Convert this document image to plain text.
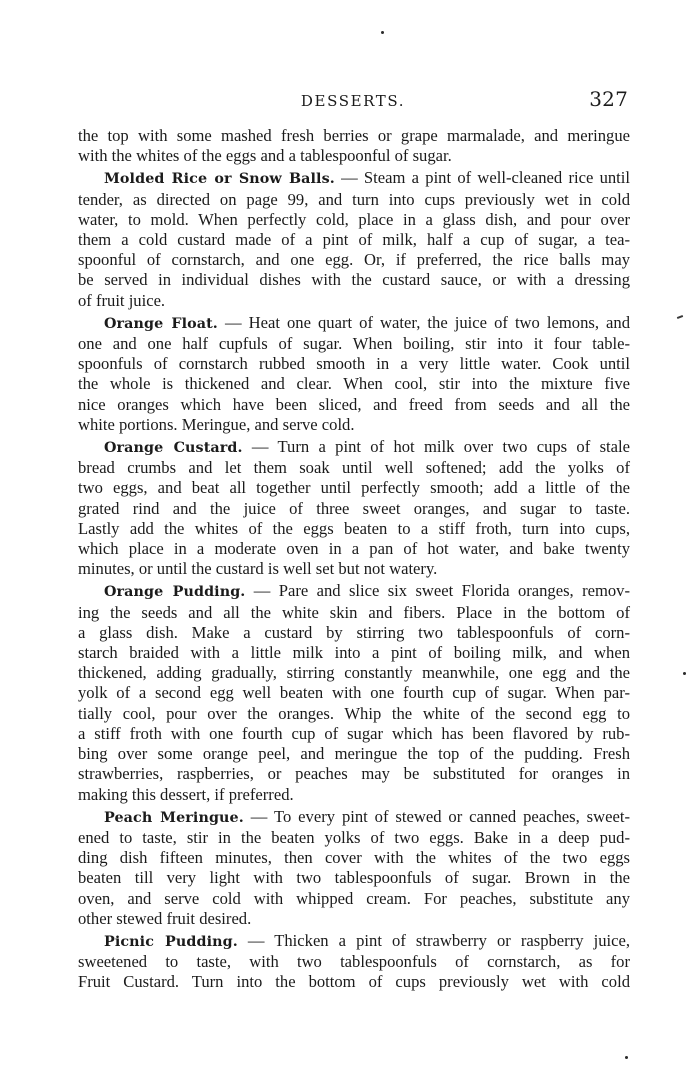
DESSERTS.	327
the top with some mashed fresh berries or grape marmalade, and meringue
with the whites of the eggs and a tablespoonful of sugar.
Molded Rice or Snow Balls. — Steam a pint of well-cleaned rice until
tender, as directed on page 99, and turn into cups previously wet in cold
water, to mold. When perfectly cold, place in a glass dish, and pour over
them a cold custard made of a pint of milk, half a cup of sugar, a tea-
spoonful of cornstarch, and one egg. Or, if preferred, the rice balls may
be served in individual dishes with the custard sauce, or with a dressing
of fruit juice.
Orange Float. — Heat one quart of water, the juice of two lemons, and
one and one half cupfuls of sugar. When boiling, stir into it four table-
spoonfuls of cornstarch rubbed smooth in a very little water. Cook until
the whole is thickened and clear. When cool, stir into the mixture five
nice oranges which have been sliced, and freed from seeds and all the
white portions. Meringue, and serve cold.
Orange Custard. — Turn a pint of hot milk over two cups of stale
bread crumbs and let them soak until well softened; add the yolks of
two eggs, and beat all together until perfectly smooth; add a little of the
grated rind and the juice of three sweet oranges, and sugar to taste.
Lastly add the whites of the eggs beaten to a stiff froth, turn into cups,
which place in a moderate oven in a pan of hot water, and bake twenty
minutes, or until the custard is well set but not watery.
Orange Pudding. — Pare and slice six sweet Florida oranges, remov-
ing the seeds and all the white skin and fibers. Place in the bottom of
a glass dish. Make a custard by stirring two tablespoonfuls of corn-
starch braided with a little milk into a pint of boiling milk, and when
thickened, adding gradually, stirring constantly meanwhile, one egg and the
yolk of a second egg well beaten with one fourth cup of sugar. When par-
tially cool, pour over the oranges. Whip the white of the second egg to
a stiff froth with one fourth cup of sugar which has been flavored by rub-
bing over some orange peel, and meringue the top of the pudding. Fresh
strawberries, raspberries, or peaches may be substituted for oranges in
making this dessert, if preferred.
Peach Meringue. — To every pint of stewed or canned peaches, sweet-
ened to taste, stir in the beaten yolks of two eggs. Bake in a deep pud-
ding dish fifteen minutes, then cover with the whites of the two eggs
beaten till very light with two tablespoonfuls of sugar. Brown in the
oven, and serve cold with whipped cream. For peaches, substitute any
other stewed fruit desired.
Picnic Pudding. — Thicken a pint of strawberry or raspberry juice,
sweetened to taste, with two tablespoonfuls of cornstarch, as for
Fruit Custard. Turn into the bottom of cups previously wet with cold
